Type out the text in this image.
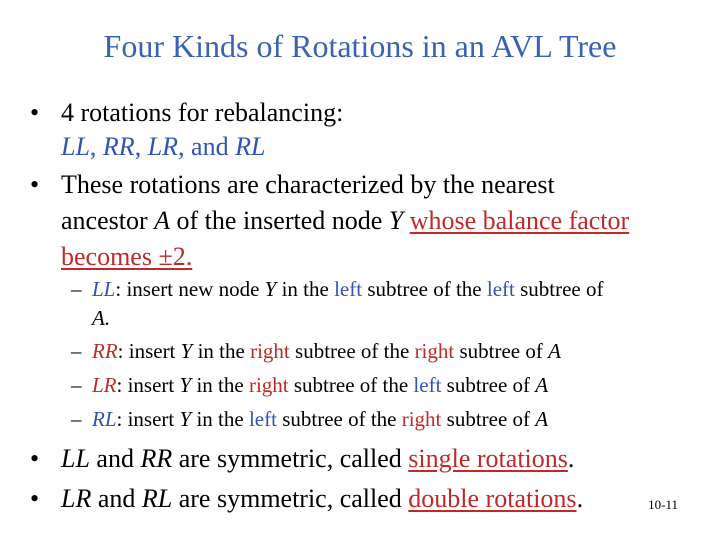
Four Kinds of Rotations in an AVL Tree
• 4 rotations for rebalancing:
LL, RR, LR, and RL
• These rotations are characterized by the nearest
ancestor A of the inserted node Y whose balance factor
becomes ±2.
– LL: insert new node Y in the left subtree of the left subtree of
A.
– RR: insert Y in the right subtree of the right subtree of A
– LR: insert Y in the right subtree of the left subtree of A
– RL: insert Y in the left subtree of the right subtree of A
• LL and RR are symmetric, called single rotations.
• LR and RL are symmetric, called double rotations.	10-11
